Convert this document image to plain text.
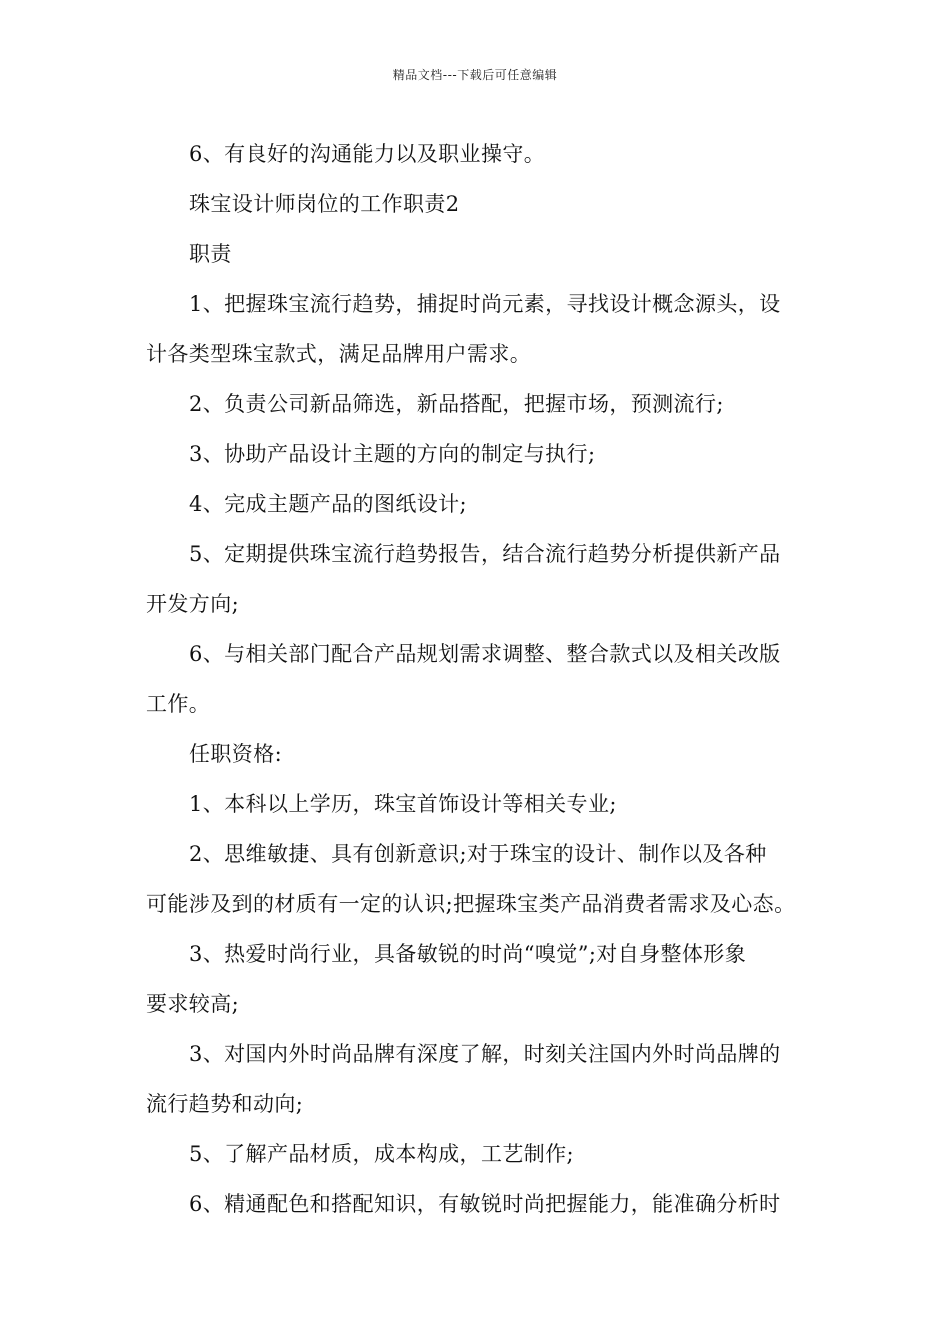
精品文档---下载后可任意编辑
6、有良好的沟通能力以及职业操守。
珠宝设计师岗位的工作职责2
职责
1、把握珠宝流行趋势，捕捉时尚元素，寻找设计概念源头，设
计各类型珠宝款式，满足品牌用户需求。
2、负责公司新品筛选，新品搭配，把握市场，预测流行;
3、协助产品设计主题的方向的制定与执行;
4、完成主题产品的图纸设计;
5、定期提供珠宝流行趋势报告，结合流行趋势分析提供新产品
开发方向;
6、与相关部门配合产品规划需求调整、整合款式以及相关改版
工作。
任职资格:
1、本科以上学历，珠宝首饰设计等相关专业;
2、思维敏捷、具有创新意识;对于珠宝的设计、制作以及各种
可能涉及到的材质有一定的认识;把握珠宝类产品消费者需求及心态。
3、热爱时尚行业，具备敏锐的时尚“嗅觉”;对自身整体形象
要求较高;
3、对国内外时尚品牌有深度了解，时刻关注国内外时尚品牌的
流行趋势和动向;
5、了解产品材质，成本构成，工艺制作;
6、精通配色和搭配知识，有敏锐时尚把握能力，能准确分析时
